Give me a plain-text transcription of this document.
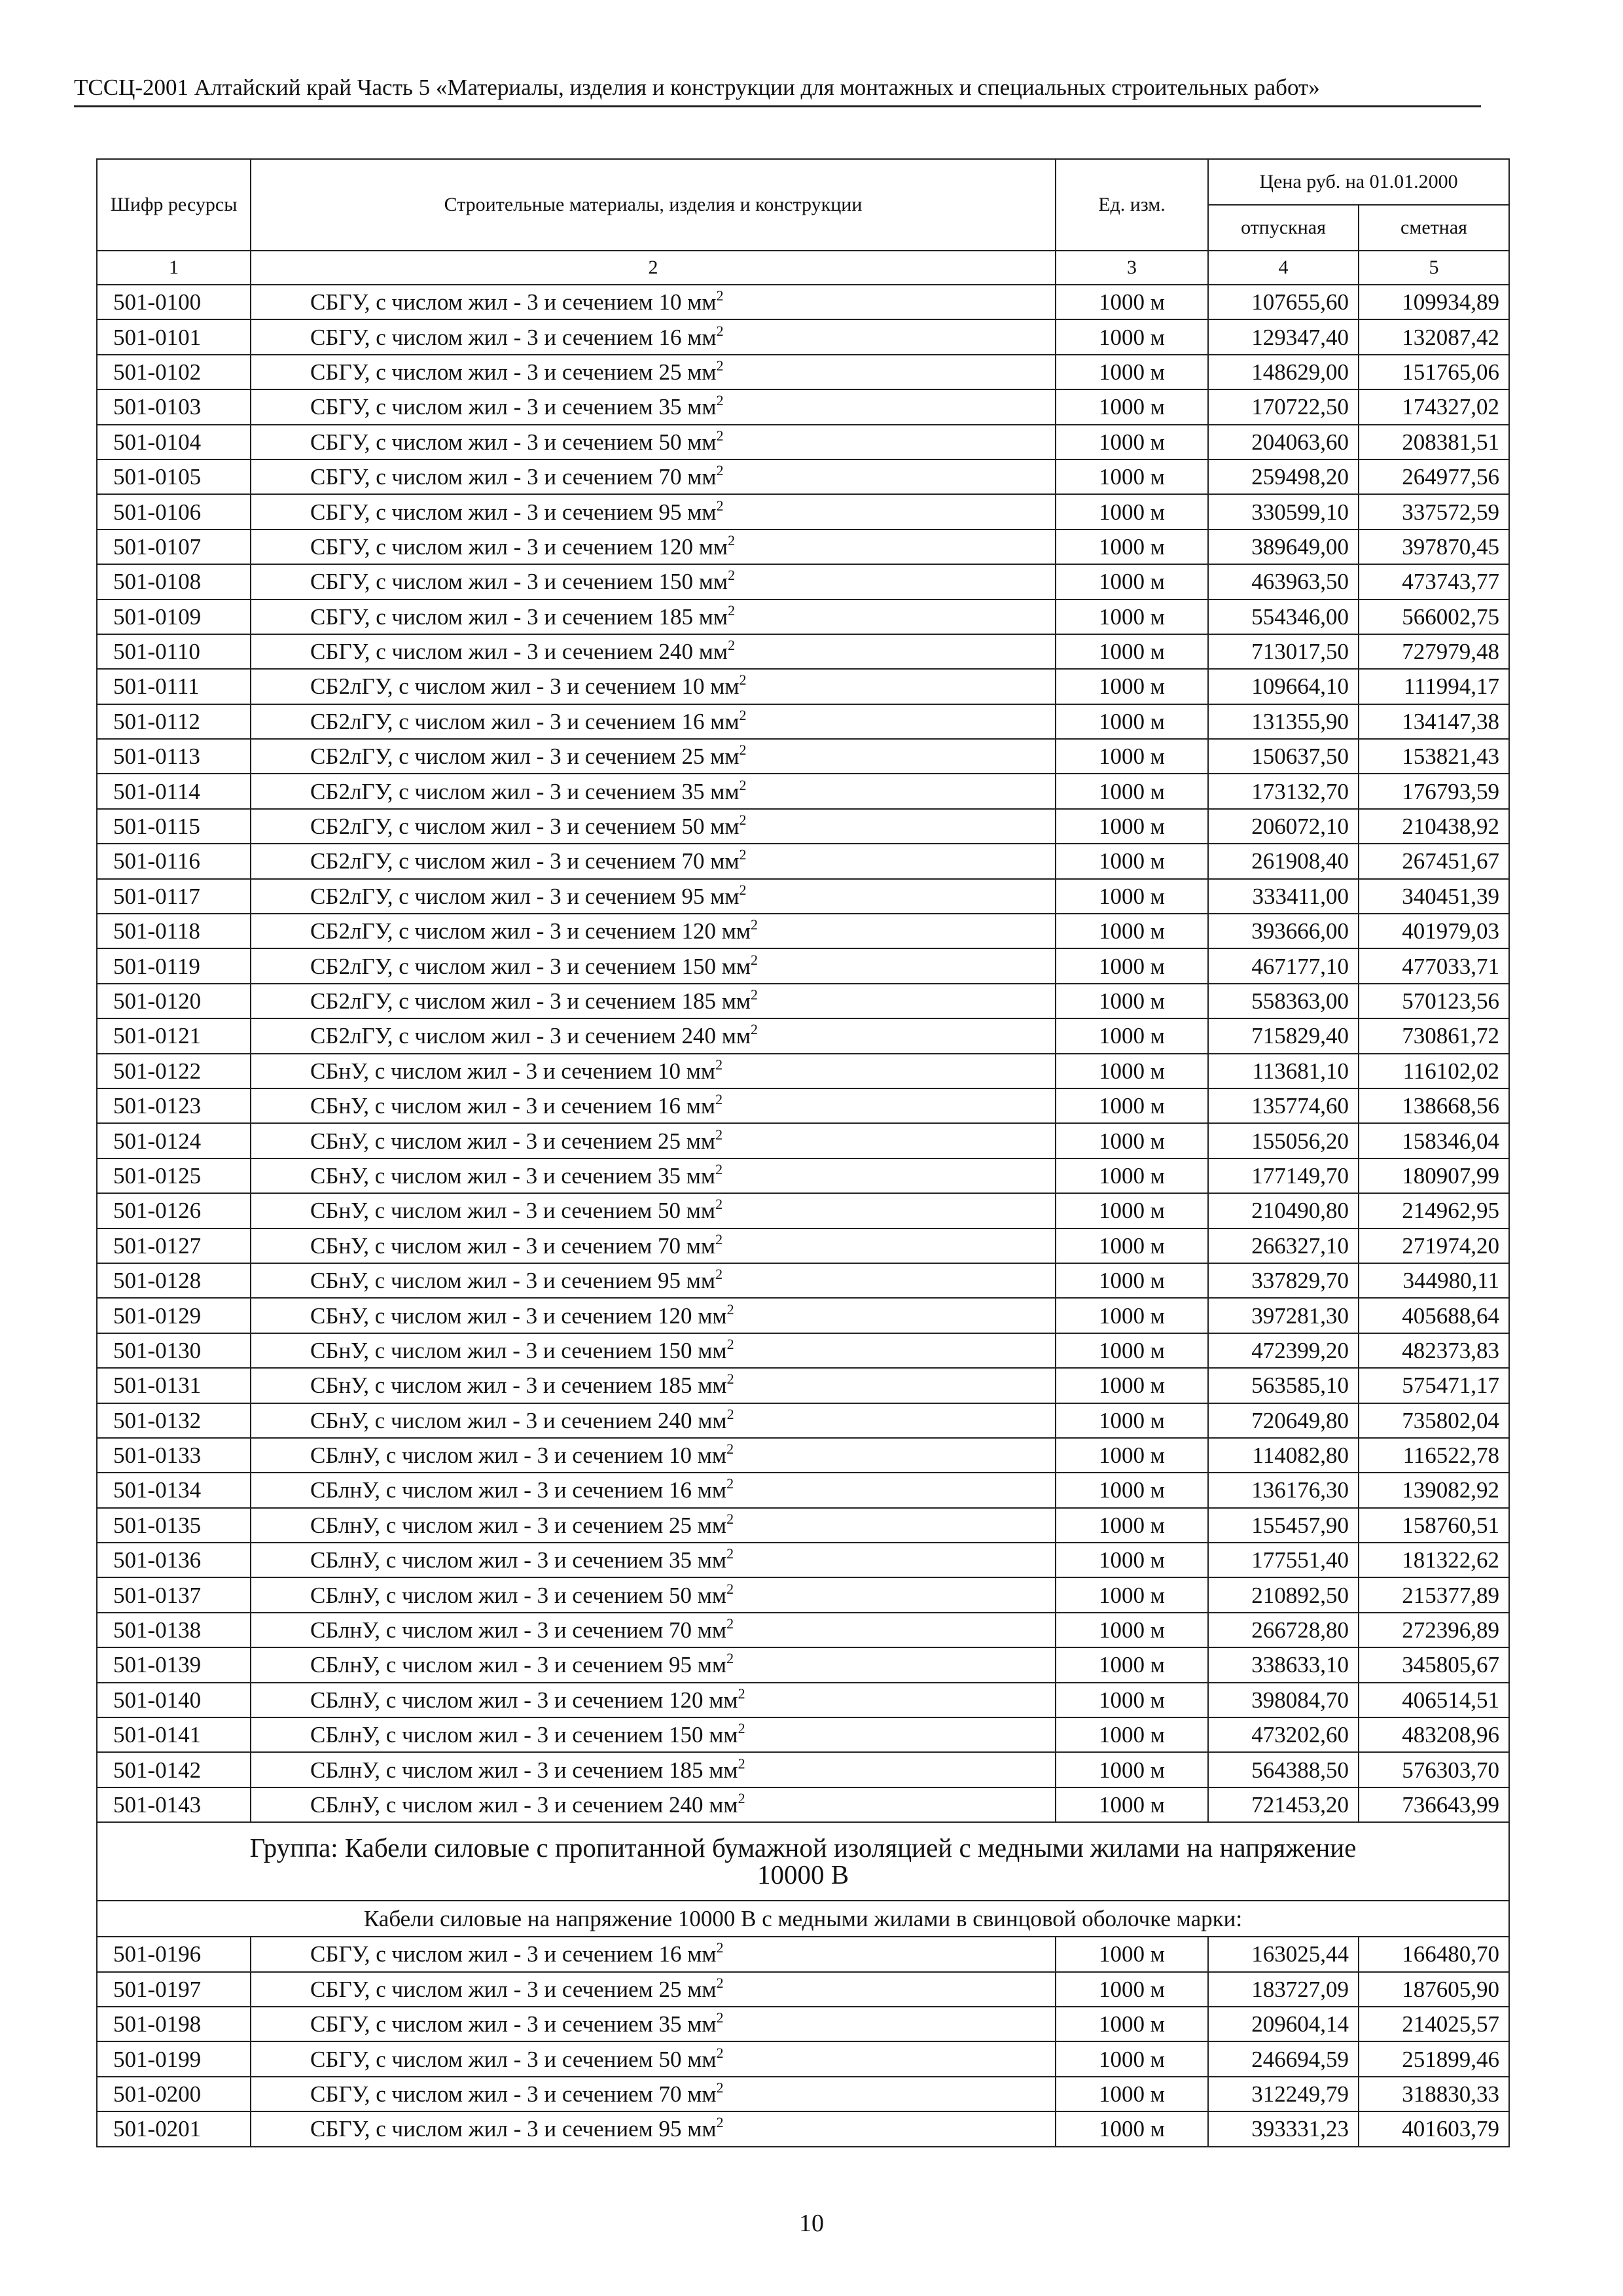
ТССЦ-2001 Алтайский край Часть 5 «Материалы, изделия и конструкции для монтажных и специальных строительных работ»
Шифр ресурсы	Строительные материалы, изделия и конструкции	Ед. изм.	Цена руб. на 01.01.2000	
			отпускная	сметная
1	2	3	4	5
501-0100	СБГУ, с числом жил - 3 и сечением 10 $мм^2$	1000 м	107655,60	109934,89
501-0101	СБГУ, с числом жил - 3 и сечением 16 $мм^2$	1000 м	129347,40	132087,42
501-0102	СБГУ, с числом жил - 3 и сечением 25 $мм^2$	1000 м	148629,00	151765,06
501-0103	СБГУ, с числом жил - 3 и сечением 35 $мм^2$	1000 м	170722,50	174327,02
501-0104	СБГУ, с числом жил - 3 и сечением 50 $мм^2$	1000 м	204063,60	208381,51
501-0105	СБГУ, с числом жил - 3 и сечением 70 $мм^2$	1000 м	259498,20	264977,56
501-0106	СБГУ, с числом жил - 3 и сечением 95 $мм^2$	1000 м	330599,10	337572,59
501-0107	СБГУ, с числом жил - 3 и сечением 120 $мм^2$	1000 м	389649,00	397870,45
501-0108	СБГУ, с числом жил - 3 и сечением 150 $мм^2$	1000 м	463963,50	473743,77
501-0109	СБГУ, с числом жил - 3 и сечением 185 $мм^2$	1000 м	554346,00	566002,75
501-0110	СБГУ, с числом жил - 3 и сечением 240 $мм^2$	1000 м	713017,50	727979,48
501-0111	СБ2лГУ, с числом жил - 3 и сечением 10 $мм^2$	1000 м	109664,10	111994,17
501-0112	СБ2лГУ, с числом жил - 3 и сечением 16 $мм^2$	1000 м	131355,90	134147,38
501-0113	СБ2лГУ, с числом жил - 3 и сечением 25 $мм^2$	1000 м	150637,50	153821,43
501-0114	СБ2лГУ, с числом жил - 3 и сечением 35 $мм^2$	1000 м	173132,70	176793,59
501-0115	СБ2лГУ, с числом жил - 3 и сечением 50 $мм^2$	1000 м	206072,10	210438,92
501-0116	СБ2лГУ, с числом жил - 3 и сечением 70 $мм^2$	1000 м	261908,40	267451,67
501-0117	СБ2лГУ, с числом жил - 3 и сечением 95 $мм^2$	1000 м	333411,00	340451,39
501-0118	СБ2лГУ, с числом жил - 3 и сечением 120 $мм^2$	1000 м	393666,00	401979,03
501-0119	СБ2лГУ, с числом жил - 3 и сечением 150 $мм^2$	1000 м	467177,10	477033,71
501-0120	СБ2лГУ, с числом жил - 3 и сечением 185 $мм^2$	1000 м	558363,00	570123,56
501-0121	СБ2лГУ, с числом жил - 3 и сечением 240 $мм^2$	1000 м	715829,40	730861,72
501-0122	СБнУ, с числом жил - 3 и сечением 10 $мм^2$	1000 м	113681,10	116102,02
501-0123	СБнУ, с числом жил - 3 и сечением 16 $мм^2$	1000 м	135774,60	138668,56
501-0124	СБнУ, с числом жил - 3 и сечением 25 $мм^2$	1000 м	155056,20	158346,04
501-0125	СБнУ, с числом жил - 3 и сечением 35 $мм^2$	1000 м	177149,70	180907,99
501-0126	СБнУ, с числом жил - 3 и сечением 50 $мм^2$	1000 м	210490,80	214962,95
501-0127	СБнУ, с числом жил - 3 и сечением 70 $мм^2$	1000 м	266327,10	271974,20
501-0128	СБнУ, с числом жил - 3 и сечением 95 $мм^2$	1000 м	337829,70	344980,11
501-0129	СБнУ, с числом жил - 3 и сечением 120 $мм^2$	1000 м	397281,30	405688,64
501-0130	СБнУ, с числом жил - 3 и сечением 150 $мм^2$	1000 м	472399,20	482373,83
501-0131	СБнУ, с числом жил - 3 и сечением 185 $мм^2$	1000 м	563585,10	575471,17
501-0132	СБнУ, с числом жил - 3 и сечением 240 $мм^2$	1000 м	720649,80	735802,04
501-0133	СБлнУ, с числом жил - 3 и сечением 10 $мм^2$	1000 м	114082,80	116522,78
501-0134	СБлнУ, с числом жил - 3 и сечением 16 $мм^2$	1000 м	136176,30	139082,92
501-0135	СБлнУ, с числом жил - 3 и сечением 25 $мм^2$	1000 м	155457,90	158760,51
501-0136	СБлнУ, с числом жил - 3 и сечением 35 $мм^2$	1000 м	177551,40	181322,62
501-0137	СБлнУ, с числом жил - 3 и сечением 50 $мм^2$	1000 м	210892,50	215377,89
501-0138	СБлнУ, с числом жил - 3 и сечением 70 $мм^2$	1000 м	266728,80	272396,89
501-0139	СБлнУ, с числом жил - 3 и сечением 95 $мм^2$	1000 м	338633,10	345805,67
501-0140	СБлнУ, с числом жил - 3 и сечением 120 $мм^2$	1000 м	398084,70	406514,51
501-0141	СБлнУ, с числом жил - 3 и сечением 150 $мм^2$	1000 м	473202,60	483208,96
501-0142	СБлнУ, с числом жил - 3 и сечением 185 $мм^2$	1000 м	564388,50	576303,70
501-0143	СБлнУ, с числом жил - 3 и сечением 240 $мм^2$	1000 м	721453,20	736643,99
Группа: Кабели силовые с пропитанной бумажной изоляцией с медными жилами на напряжение 10000 В				
Кабели силовые на напряжение 10000 В с медными жилами в свинцовой оболочке марки:				
501-0196	СБГУ, с числом жил - 3 и сечением 16 $мм^2$	1000 м	163025,44	166480,70
501-0197	СБГУ, с числом жил - 3 и сечением 25 $мм^2$	1000 м	183727,09	187605,90
501-0198	СБГУ, с числом жил - 3 и сечением 35 $мм^2$	1000 м	209604,14	214025,57
501-0199	СБГУ, с числом жил - 3 и сечением 50 $мм^2$	1000 м	246694,59	251899,46
501-0200	СБГУ, с числом жил - 3 и сечением 70 $мм^2$	1000 м	312249,79	318830,33
501-0201	СБГУ, с числом жил - 3 и сечением 95 $мм^2$	1000 м	393331,23	401603,79
10
